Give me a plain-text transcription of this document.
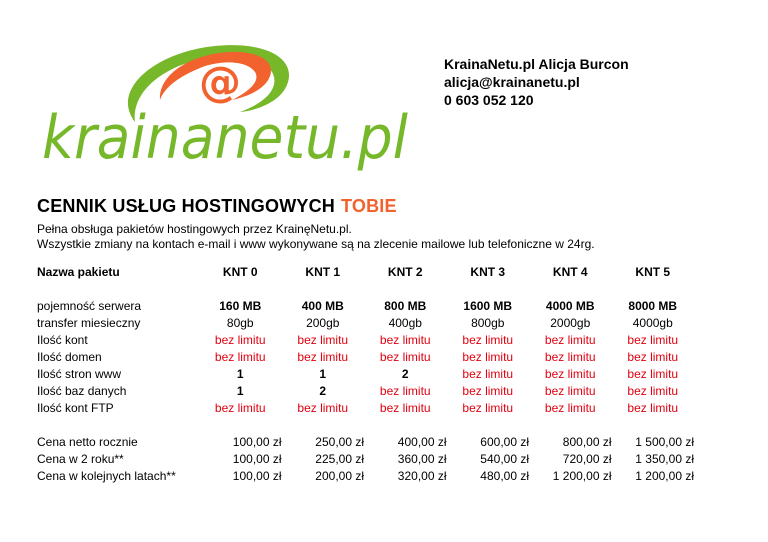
@
krainanetu.pl
KrainaNetu.pl Alicja Burcon
alicja@krainanetu.pl
0 603 052 120
CENNIK USŁUG HOSTINGOWYCH TOBIE
Pełna obsługa pakietów hostingowych przez KrainęNetu.pl.
Wszystkie zmiany na kontach e-mail i www wykonywane są na zlecenie mailowe lub telefoniczne w 24rg.
Nazwa pakietu	KNT 0	KNT 1	KNT 2	KNT 3	KNT 4	KNT 5

pojemność serwera	160 MB	400 MB	800 MB	1600 MB	4000 MB	8000 MB
transfer miesieczny	80gb	200gb	400gb	800gb	2000gb	4000gb
Ilość kont	bez limitu	bez limitu	bez limitu	bez limitu	bez limitu	bez limitu
Ilość domen	bez limitu	bez limitu	bez limitu	bez limitu	bez limitu	bez limitu
Ilość stron www	1	1	2	bez limitu	bez limitu	bez limitu
Ilość baz danych	1	2	bez limitu	bez limitu	bez limitu	bez limitu
Ilość kont FTP	bez limitu	bez limitu	bez limitu	bez limitu	bez limitu	bez limitu

Cena netto rocznie	100,00 zł	250,00 zł	400,00 zł	600,00 zł	800,00 zł	1 500,00 zł
Cena w 2 roku**	100,00 zł	225,00 zł	360,00 zł	540,00 zł	720,00 zł	1 350,00 zł
Cena w kolejnych latach**	100,00 zł	200,00 zł	320,00 zł	480,00 zł	1 200,00 zł	1 200,00 zł
